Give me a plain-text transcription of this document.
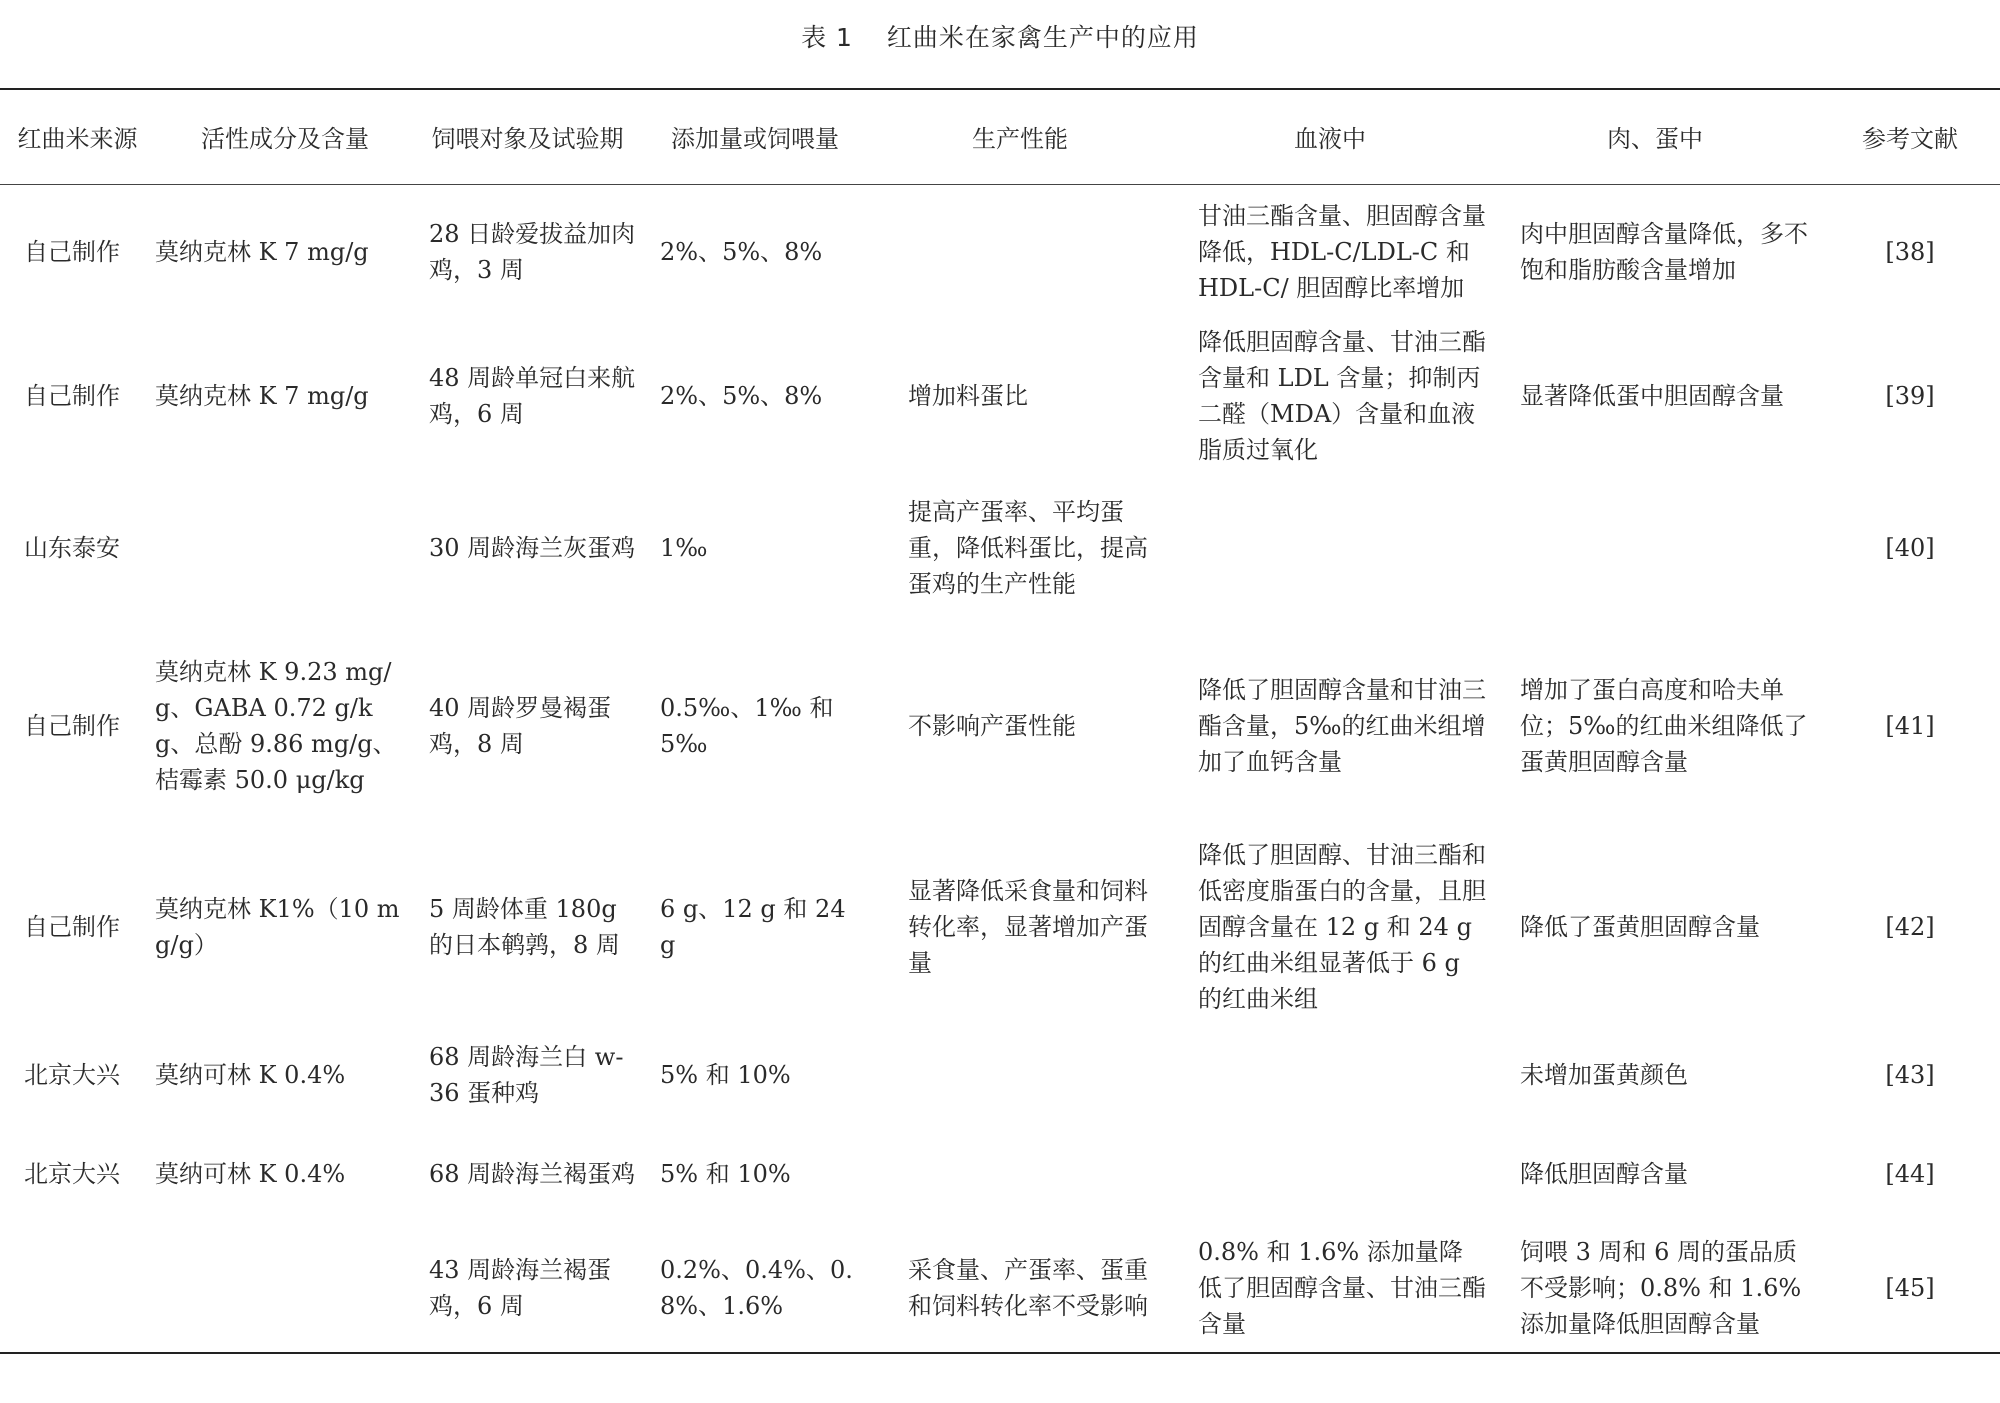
表 1 红曲米在家禽生产中的应用
红曲米来源	活性成分及含量	饲喂对象及试验期	添加量或饲喂量	生产性能	血液中	肉、蛋中	参考文献
自己制作	莫纳克林 K 7 mg/g	28 日龄爱拔益加肉鸡，3 周	2%、5%、8%		甘油三酯含量、胆固醇含量降低，HDL-C/LDL-C 和 HDL-C/ 胆固醇比率增加	肉中胆固醇含量降低，多不饱和脂肪酸含量增加	[38]
自己制作	莫纳克林 K 7 mg/g	48 周龄单冠白来航鸡，6 周	2%、5%、8%	增加料蛋比	降低胆固醇含量、甘油三酯含量和 LDL 含量；抑制丙二醛（MDA）含量和血液脂质过氧化	显著降低蛋中胆固醇含量	[39]
山东泰安		30 周龄海兰灰蛋鸡	1‰	提高产蛋率、平均蛋重，降低料蛋比，提高蛋鸡的生产性能			[40]
自己制作	莫纳克林 K 9.23 mg/g、GABA 0.72 g/kg、总酚 9.86 mg/g、桔霉素 50.0 μg/kg	40 周龄罗曼褐蛋鸡，8 周	0.5‰、1‰ 和 5‰	不影响产蛋性能	降低了胆固醇含量和甘油三酯含量，5‰的红曲米组增加了血钙含量	增加了蛋白高度和哈夫单位；5‰的红曲米组降低了蛋黄胆固醇含量	[41]
自己制作	莫纳克林 K1%（10 mg/g）	5 周龄体重 180g 的日本鹌鹑，8 周	6 g、12 g 和 24 g	显著降低采食量和饲料转化率，显著增加产蛋量	降低了胆固醇、甘油三酯和低密度脂蛋白的含量，且胆固醇含量在 12 g 和 24 g 的红曲米组显著低于 6 g 的红曲米组	降低了蛋黄胆固醇含量	[42]
北京大兴	莫纳可林 K 0.4%	68 周龄海兰白 w-36 蛋种鸡	5% 和 10%			未增加蛋黄颜色	[43]
北京大兴	莫纳可林 K 0.4%	68 周龄海兰褐蛋鸡	5% 和 10%			降低胆固醇含量	[44]
		43 周龄海兰褐蛋鸡，6 周	0.2%、0.4%、0.8%、1.6%	采食量、产蛋率、蛋重和饲料转化率不受影响	0.8% 和 1.6% 添加量降低了胆固醇含量、甘油三酯含量	饲喂 3 周和 6 周的蛋品质不受影响；0.8% 和 1.6% 添加量降低胆固醇含量	[45]
